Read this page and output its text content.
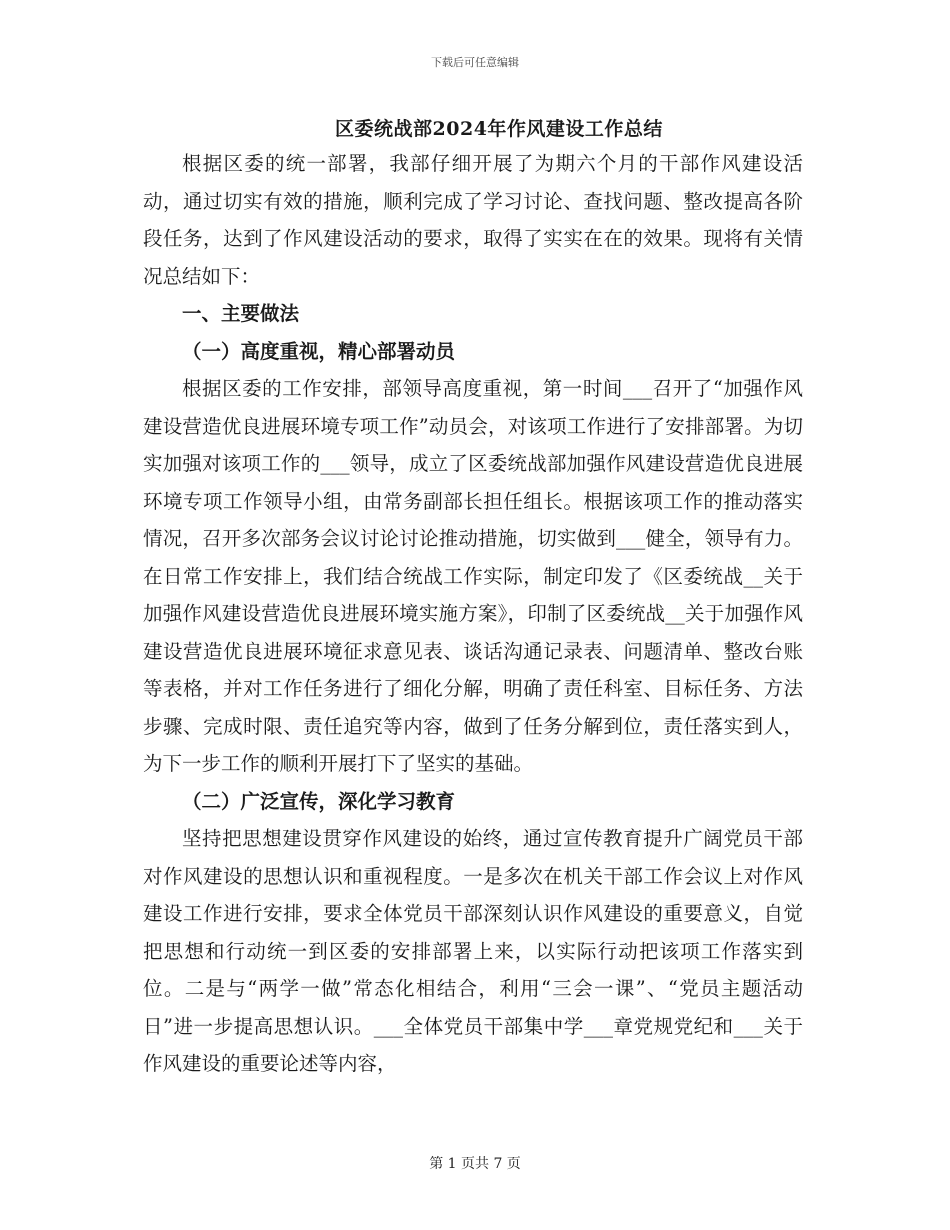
下载后可任意编辑
区委统战部2024年作风建设工作总结

根据区委的统一部署，我部仔细开展了为期六个月的干部作风建设活动，通过切实有效的措施，顺利完成了学习讨论、查找问题、整改提高各阶段任务，达到了作风建设活动的要求，取得了实实在在的效果。现将有关情况总结如下：

一、主要做法

（一）高度重视，精心部署动员

根据区委的工作安排，部领导高度重视，第一时间___召开了“加强作风建设营造优良进展环境专项工作”动员会，对该项工作进行了安排部署。为切实加强对该项工作的___领导，成立了区委统战部加强作风建设营造优良进展环境专项工作领导小组，由常务副部长担任组长。根据该项工作的推动落实情况，召开多次部务会议讨论讨论推动措施，切实做到___健全，领导有力。在日常工作安排上，我们结合统战工作实际，制定印发了《区委统战__关于加强作风建设营造优良进展环境实施方案》，印制了区委统战__关于加强作风建设营造优良进展环境征求意见表、谈话沟通记录表、问题清单、整改台账等表格，并对工作任务进行了细化分解，明确了责任科室、目标任务、方法步骤、完成时限、责任追究等内容，做到了任务分解到位，责任落实到人，为下一步工作的顺利开展打下了坚实的基础。

（二）广泛宣传，深化学习教育

坚持把思想建设贯穿作风建设的始终，通过宣传教育提升广阔党员干部对作风建设的思想认识和重视程度。一是多次在机关干部工作会议上对作风建设工作进行安排，要求全体党员干部深刻认识作风建设的重要意义，自觉把思想和行动统一到区委的安排部署上来，以实际行动把该项工作落实到位。二是与“两学一做”常态化相结合，利用“三会一课”、“党员主题活动日”进一步提高思想认识。___全体党员干部集中学___章党规党纪和___关于作风建设的重要论述等内容，

第 1 页共 7 页
